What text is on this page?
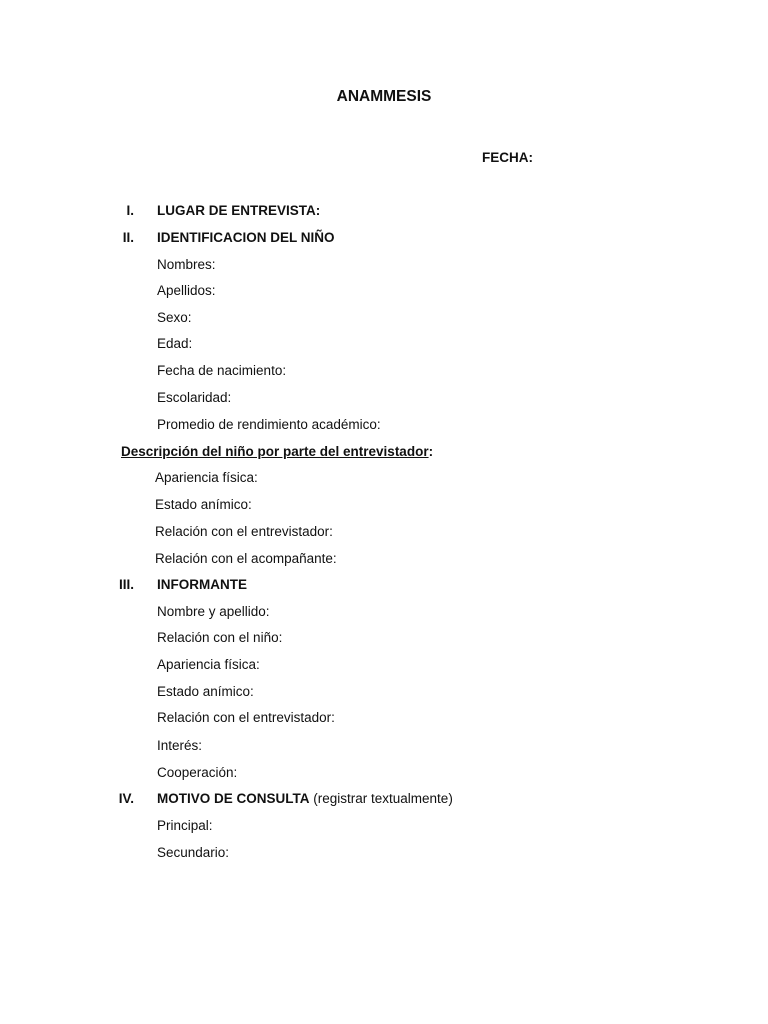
ANAMMESIS
FECHA:
I. LUGAR DE ENTREVISTA:
II. IDENTIFICACION DEL NIÑO
Nombres:
Apellidos:
Sexo:
Edad:
Fecha de nacimiento:
Escolaridad:
Promedio de rendimiento académico:
Descripción del niño por parte del entrevistador:
Apariencia física:
Estado anímico:
Relación con el entrevistador:
Relación con el acompañante:
III. INFORMANTE
Nombre y apellido:
Relación con el niño:
Apariencia física:
Estado anímico:
Relación con el entrevistador:
Interés:
Cooperación:
IV. MOTIVO DE CONSULTA (registrar textualmente)
Principal:
Secundario:
